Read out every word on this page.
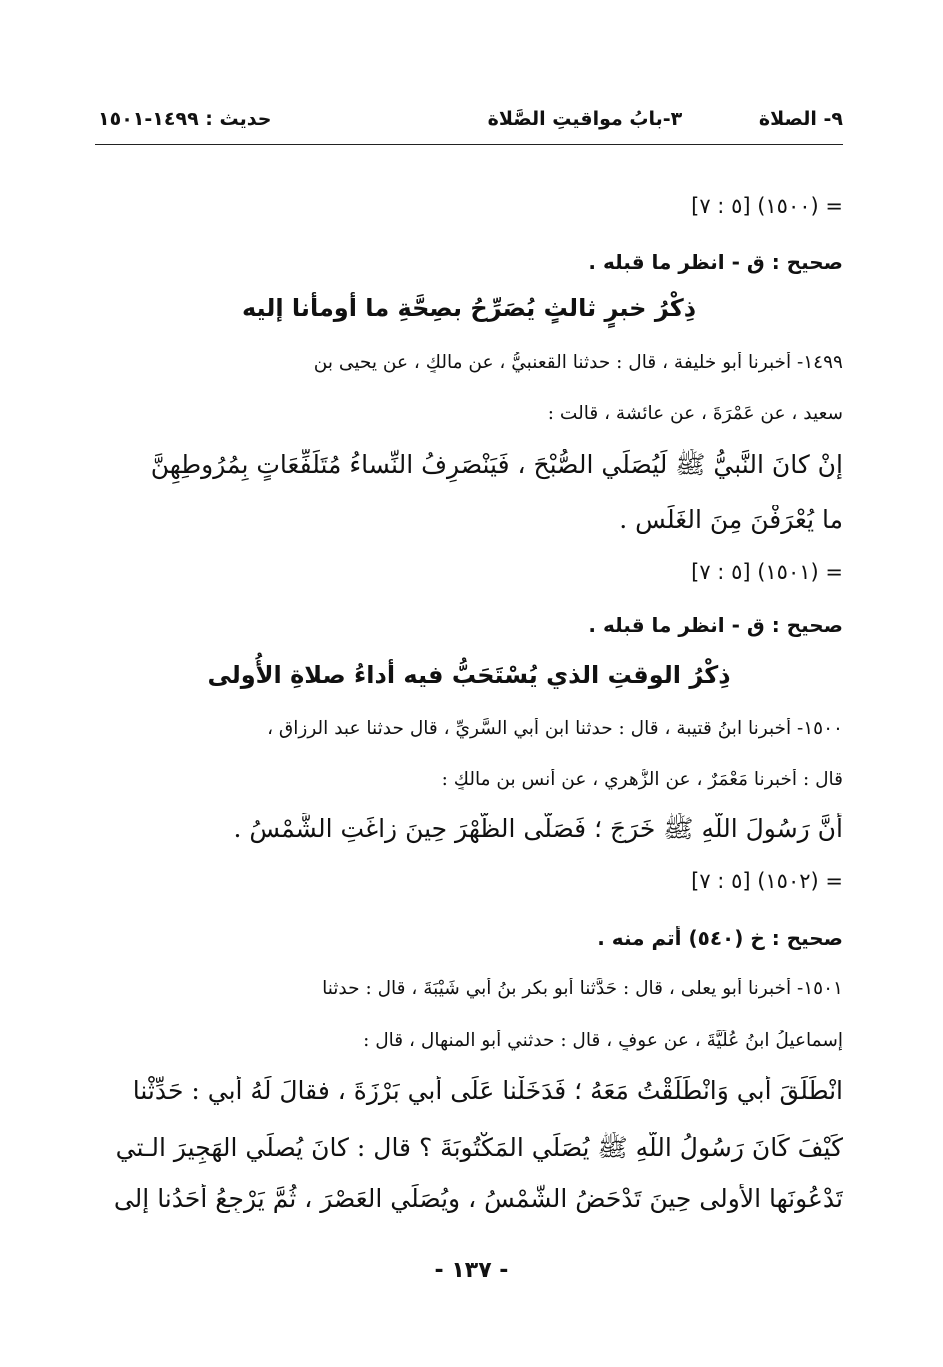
٩- الصلاة ٣-بابُ مواقيتِ الصَّلاة
حديث : ١٤٩٩-١٥٠١
= (١٥٠٠) [٥ : ٧]
صحيح : ق - انظر ما قبله .
ذِكْرُ خبرٍ ثالثٍ يُصَرِّحُ بصِحَّةِ ما أومأنا إليه
١٤٩٩- أخبرنا أبو خليفة ، قال : حدثنا القعنبيُّ ، عن مالكٍ ، عن يحيى بن
سعيد ، عن عَمْرَةَ ، عن عائشة ، قالت :
إنْ كانَ النَّبيُّ ﷺ لَيُصَلِّي الصُّبْحَ ، فَيَنْصَرِفُ النِّساءُ مُتَلَفِّعَاتٍ بِمُرُوطِهِنَّ
ما يُعْرَفْنَ مِنَ الغَلَسِ .
= (١٥٠١) [٥ : ٧]
صحيح : ق - انظر ما قبله .
ذِكْرُ الوقتِ الذي يُسْتَحَبُّ فيه أداءُ صلاةِ الأُولى
١٥٠٠- أخبرنا ابنُ قتيبة ، قال : حدثنا ابن أبي السَّرِيِّ ، قال حدثنا عبد الرزاق ،
قال : أخبرنا مَعْمَرٌ ، عن الزُّهري ، عن أنس بن مالكٍ :
أَنَّ رَسُولَ اللّهِ ﷺ خَرَجَ ؛ فَصَلَّى الظُّهْرَ حِينَ زاغَتِ الشَّمْسُ .
= (١٥٠٢) [٥ : ٧]
صحيح : خ (٥٤٠) أتم منه .
١٥٠١- أخبرنا أبو يعلى ، قال : حَدَّثنا أبو بكر بنُ أبي شَيْبَةَ ، قال : حدثنا
إسماعيلُ ابنُ عُلَيَّةَ ، عن عوفٍ ، قال : حدثني أبو المنهال ، قال :
انْطَلَقَ أَبي وَانْطَلَقْتُ مَعَهُ ؛ فَدَخَلْنا عَلَى أَبي بَرْزَةَ ، فقالَ لَهُ أَبي : حَدِّثْنا
كَيْفَ كَانَ رَسُولُ اللّهِ ﷺ يُصَلِّي المَكْتُوبَةَ ؟ قال : كانَ يُصلِّي الهَجِيرَ الـتي
تَدْعُونَها الأُولى حِينَ تَدْحَضُ الشَّمْسُ ، ويُصَلِّي العَصْرَ ، ثُمَّ يَرْجِعُ أَحَدُنا إلى
- ١٣٧ -
